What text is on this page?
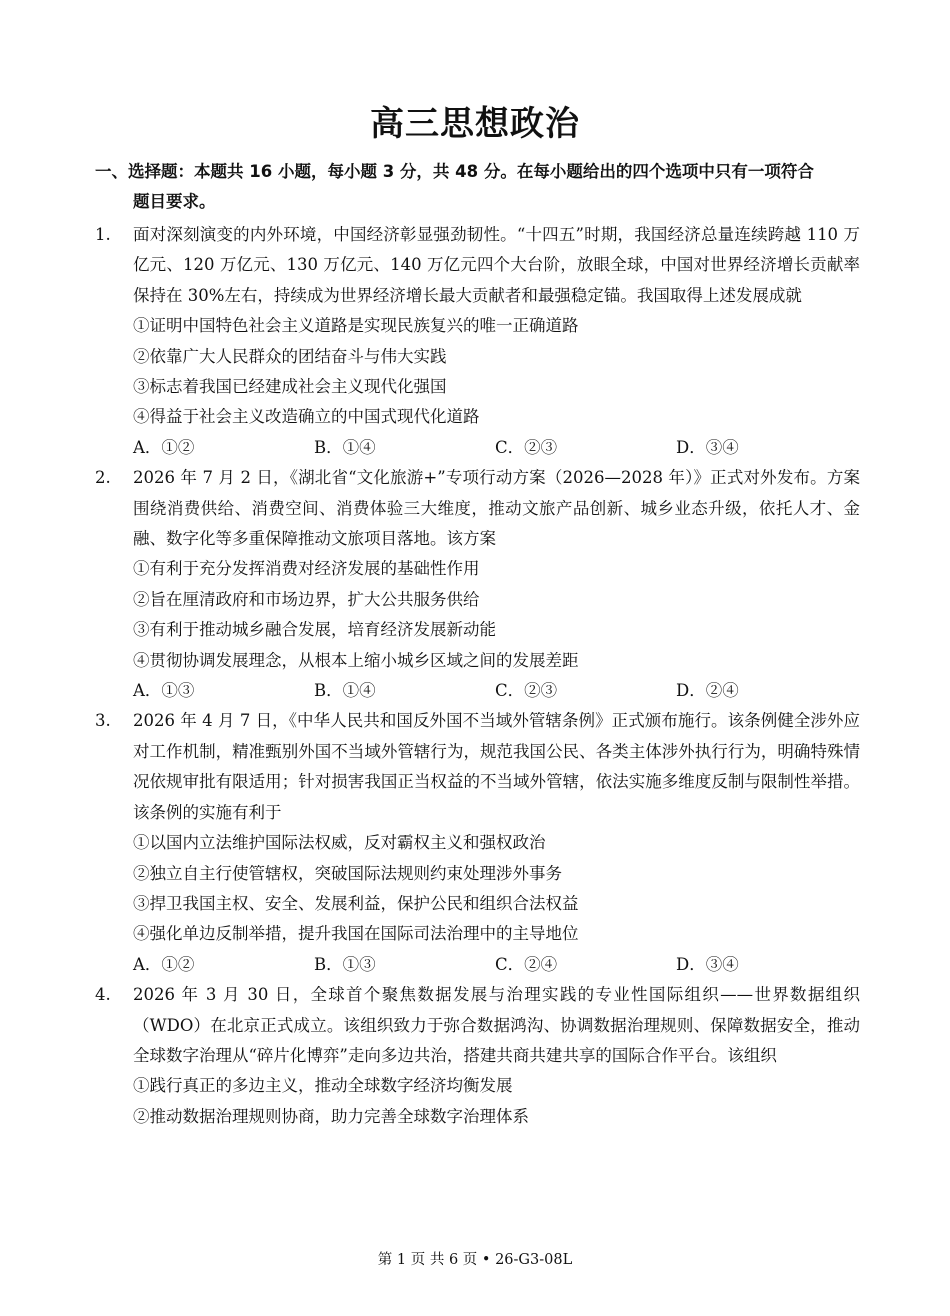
高三思想政治
一、选择题：本题共 16 小题，每小题 3 分，共 48 分。在每小题给出的四个选项中只有一项符合
题目要求。
1.	面对深刻演变的内外环境，中国经济彰显强劲韧性。“十四五”时期，我国经济总量连续跨越 110 万亿元、120 万亿元、130 万亿元、140 万亿元四个大台阶，放眼全球，中国对世界经济增长贡献率保持在 30%左右，持续成为世界经济增长最大贡献者和最强稳定锚。我国取得上述发展成就
①证明中国特色社会主义道路是实现民族复兴的唯一正确道路
②依靠广大人民群众的团结奋斗与伟大实践
③标志着我国已经建成社会主义现代化强国
④得益于社会主义改造确立的中国式现代化道路
A．①②	B．①④	C．②③	D．③④
2.	2026 年 7 月 2 日，《湖北省“文化旅游+”专项行动方案（2026—2028 年）》正式对外发布。方案围绕消费供给、消费空间、消费体验三大维度，推动文旅产品创新、城乡业态升级，依托人才、金融、数字化等多重保障推动文旅项目落地。该方案
①有利于充分发挥消费对经济发展的基础性作用
②旨在厘清政府和市场边界，扩大公共服务供给
③有利于推动城乡融合发展，培育经济发展新动能
④贯彻协调发展理念，从根本上缩小城乡区域之间的发展差距
A．①③	B．①④	C．②③	D．②④
3.	2026 年 4 月 7 日，《中华人民共和国反外国不当域外管辖条例》正式颁布施行。该条例健全涉外应对工作机制，精准甄别外国不当域外管辖行为，规范我国公民、各类主体涉外执行行为，明确特殊情况依规审批有限适用；针对损害我国正当权益的不当域外管辖，依法实施多维度反制与限制性举措。该条例的实施有利于
①以国内立法维护国际法权威，反对霸权主义和强权政治
②独立自主行使管辖权，突破国际法规则约束处理涉外事务
③捍卫我国主权、安全、发展利益，保护公民和组织合法权益
④强化单边反制举措，提升我国在国际司法治理中的主导地位
A．①②	B．①③	C．②④	D．③④
4.	2026 年 3 月 30 日，全球首个聚焦数据发展与治理实践的专业性国际组织——世界数据组织（WDO）在北京正式成立。该组织致力于弥合数据鸿沟、协调数据治理规则、保障数据安全，推动全球数字治理从“碎片化博弈”走向多边共治，搭建共商共建共享的国际合作平台。该组织
①践行真正的多边主义，推动全球数字经济均衡发展
②推动数据治理规则协商，助力完善全球数字治理体系
第 1 页 共 6 页 • 26-G3-08L
